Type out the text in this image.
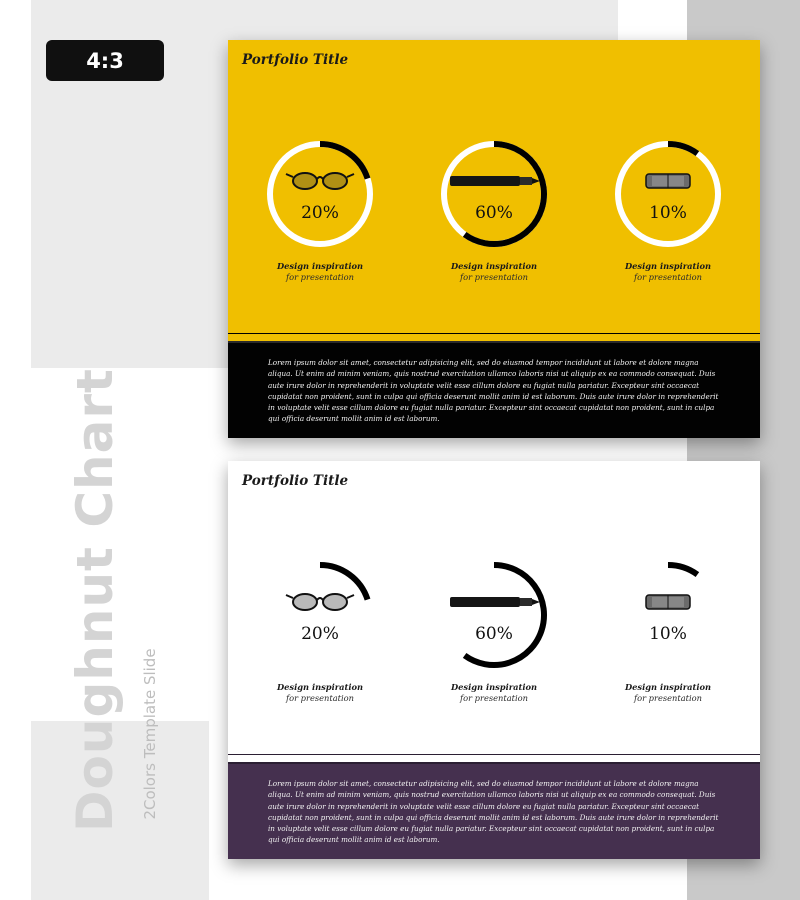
4:3
Doughnut Chart 2Colors Template Slide
Portfolio Title
20%
Design inspiration
for presentation
60%
Design inspiration
for presentation
10%
Design inspiration
for presentation
Lorem ipsum dolor sit amet, consectetur adipisicing elit, sed do eiusmod tempor incididunt ut labore et dolore magna aliqua. Ut enim ad minim veniam, quis nostrud exercitation ullamco laboris nisi ut aliquip ex ea commodo consequat. Duis aute irure dolor in reprehenderit in voluptate velit esse cillum dolore eu fugiat nulla pariatur. Excepteur sint occaecat cupidatat non proident, sunt in culpa qui officia deserunt mollit anim id est laborum. Duis aute irure dolor in reprehenderit in voluptate velit esse cillum dolore eu fugiat nulla pariatur. Excepteur sint occaecat cupidatat non proident, sunt in culpa qui officia deserunt mollit anim id est laborum.
Portfolio Title
20%
Design inspiration
for presentation
60%
Design inspiration
for presentation
10%
Design inspiration
for presentation
Lorem ipsum dolor sit amet, consectetur adipisicing elit, sed do eiusmod tempor incididunt ut labore et dolore magna aliqua. Ut enim ad minim veniam, quis nostrud exercitation ullamco laboris nisi ut aliquip ex ea commodo consequat. Duis aute irure dolor in reprehenderit in voluptate velit esse cillum dolore eu fugiat nulla pariatur. Excepteur sint occaecat cupidatat non proident, sunt in culpa qui officia deserunt mollit anim id est laborum. Duis aute irure dolor in reprehenderit in voluptate velit esse cillum dolore eu fugiat nulla pariatur. Excepteur sint occaecat cupidatat non proident, sunt in culpa qui officia deserunt mollit anim id est laborum.
